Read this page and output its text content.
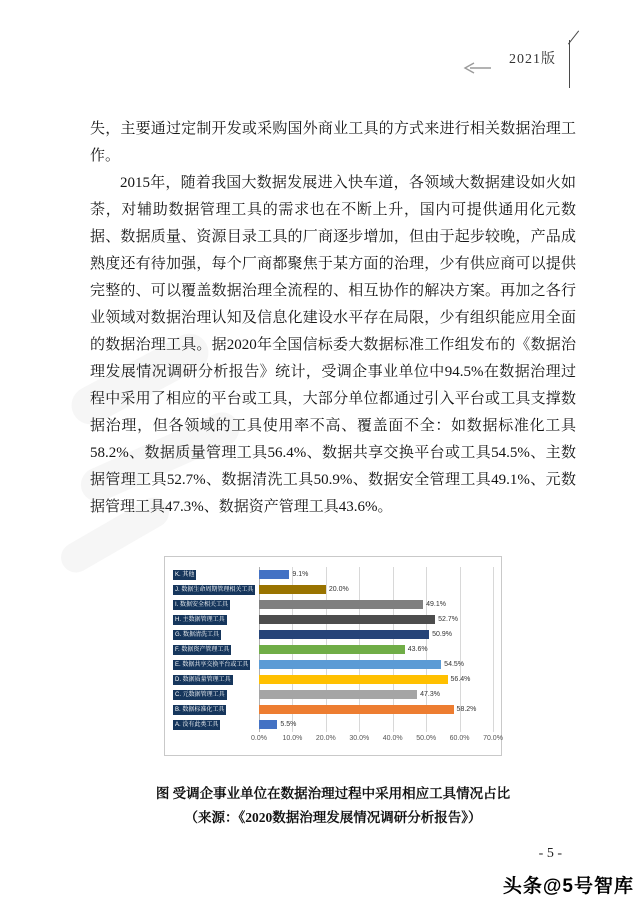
2021版

失，主要通过定制开发或采购国外商业工具的方式来进行相关数据治理工作。

2015年，随着我国大数据发展进入快车道，各领域大数据建设如火如荼，对辅助数据管理工具的需求也在不断上升，国内可提供通用化元数据、数据质量、资源目录工具的厂商逐步增加，但由于起步较晚，产品成熟度还有待加强，每个厂商都聚焦于某方面的治理，少有供应商可以提供完整的、可以覆盖数据治理全流程的、相互协作的解决方案。再加之各行业领域对数据治理认知及信息化建设水平存在局限，少有组织能应用全面的数据治理工具。据2020年全国信标委大数据标准工作组发布的《数据治理发展情况调研分析报告》统计，受调企事业单位中94.5%在数据治理过程中采用了相应的平台或工具，大部分单位都通过引入平台或工具支撑数据治理，但各领域的工具使用率不高、覆盖面不全：如数据标准化工具58.2%、数据质量管理工具56.4%、数据共享交换平台或工具54.5%、主数据管理工具52.7%、数据清洗工具50.9%、数据安全管理工具49.1%、元数据管理工具47.3%、数据资产管理工具43.6%。

K. 其他
J. 数据生命周期管理相关工具
I. 数据安全相关工具
H. 主数据管理工具
G. 数据清洗工具
F. 数据资产管理工具
E. 数据共享交换平台或工具
D. 数据质量管理工具
C. 元数据管理工具
B. 数据标准化工具
A. 没有此类工具
9.1%
20.0%
49.1%
52.7%
50.9%
43.6%
54.5%
56.4%
47.3%
58.2%
5.5%
0.0% 10.0% 20.0% 30.0% 40.0% 50.0% 60.0% 70.0%
图 受调企事业单位在数据治理过程中采用相应工具情况占比
（来源：《2020数据治理发展情况调研分析报告》）
- 5 -
头条@5号智库
